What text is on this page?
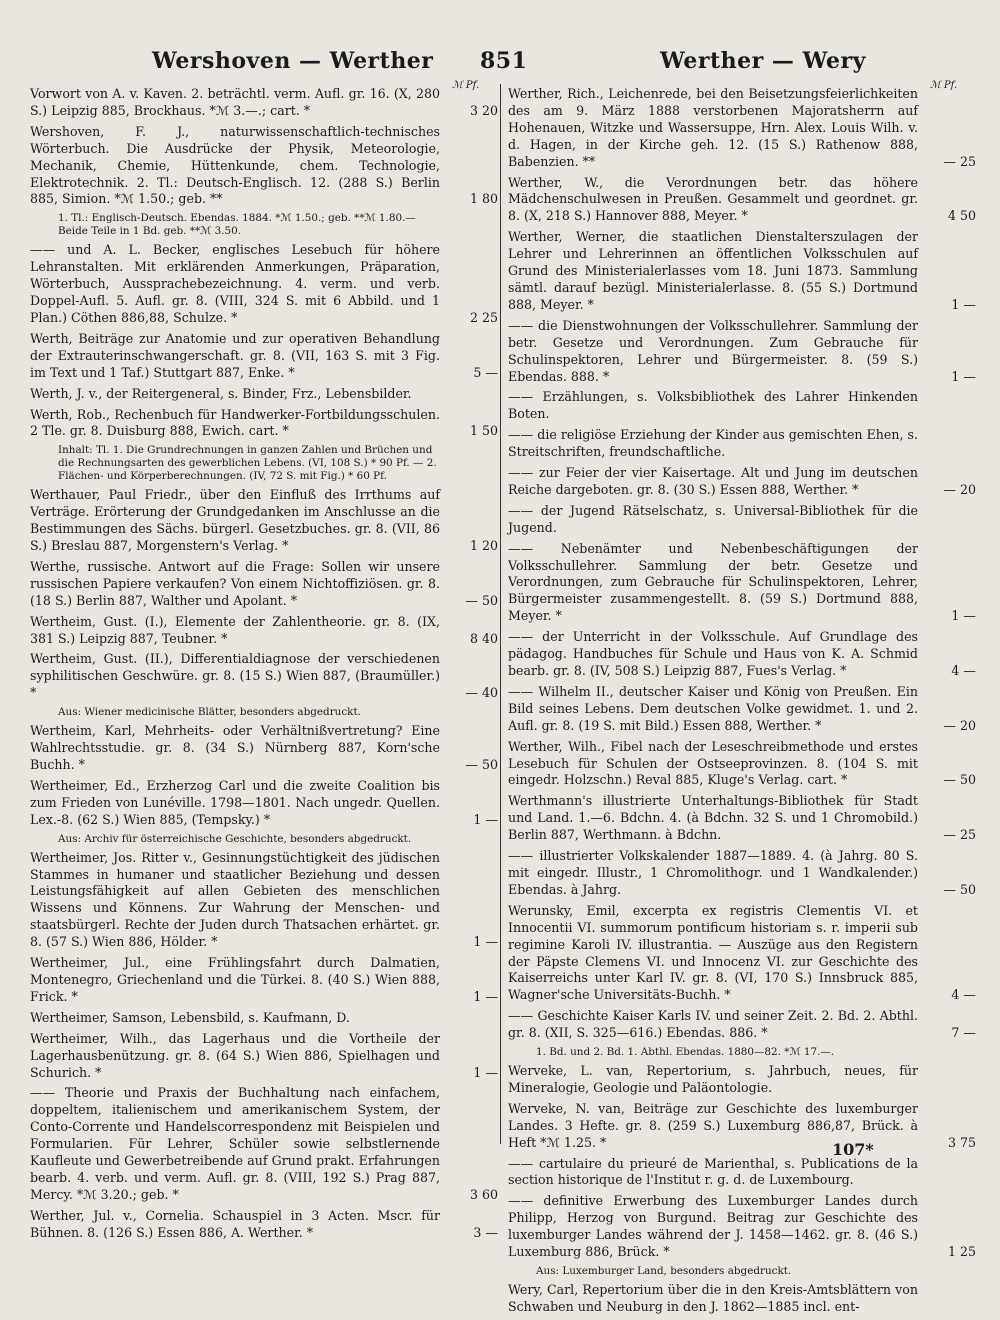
Wershoven — Werther 851	Werther — Wery
ℳ Pf.	ℳ Pf.
Vorwort von A. v. Kaven. 2. beträchtl. verm. Aufl. gr. 16. (X, 280 S.) Leipzig 885, Brockhaus. *ℳ 3.—.; cart. *	3 20
Wershoven, F. J., naturwissenschaftlich-technisches Wörterbuch. Die Ausdrücke der Physik, Meteorologie, Mechanik, Chemie, Hüttenkunde, chem. Technologie, Elektrotechnik. 2. Tl.: Deutsch-Englisch. 12. (288 S.) Berlin 885, Simion. *ℳ 1.50.; geb. **	1 80
1. Tl.: Englisch-Deutsch. Ebendas. 1884. *ℳ 1.50.; geb. **ℳ 1.80.— Beide Teile in 1 Bd. geb. **ℳ 3.50.
—— und A. L. Becker, englisches Lesebuch für höhere Lehranstalten. Mit erklärenden Anmerkungen, Präparation, Wörterbuch, Aussprachebezeichnung. 4. verm. und verb. Doppel-Aufl. 5. Aufl. gr. 8. (VIII, 324 S. mit 6 Abbild. und 1 Plan.) Cöthen 886,88, Schulze. *	2 25
Werth, Beiträge zur Anatomie und zur operativen Behandlung der Extrauterinschwangerschaft. gr. 8. (VII, 163 S. mit 3 Fig. im Text und 1 Taf.) Stuttgart 887, Enke. *	5 —
Werth, J. v., der Reitergeneral, s. Binder, Frz., Lebensbilder.
Werth, Rob., Rechenbuch für Handwerker-Fortbildungsschulen. 2 Tle. gr. 8. Duisburg 888, Ewich. cart. *	1 50
Inhalt: Tl. 1. Die Grundrechnungen in ganzen Zahlen und Brüchen und die Rechnungsarten des gewerblichen Lebens. (VI, 108 S.) * 90 Pf. — 2. Flächen- und Körperberechnungen. (IV, 72 S. mit Fig.) * 60 Pf.
Werthauer, Paul Friedr., über den Einfluß des Irrthums auf Verträge. Erörterung der Grundgedanken im Anschlusse an die Bestimmungen des Sächs. bürgerl. Gesetzbuches. gr. 8. (VII, 86 S.) Breslau 887, Morgenstern's Verlag. *	1 20
Werthe, russische. Antwort auf die Frage: Sollen wir unsere russischen Papiere verkaufen? Von einem Nichtoffiziösen. gr. 8. (18 S.) Berlin 887, Walther und Apolant. *	— 50
Wertheim, Gust. (I.), Elemente der Zahlentheorie. gr. 8. (IX, 381 S.) Leipzig 887, Teubner. *	8 40
Wertheim, Gust. (II.), Differentialdiagnose der verschiedenen syphilitischen Geschwüre. gr. 8. (15 S.) Wien 887, (Braumüller.) *	— 40
Aus: Wiener medicinische Blätter, besonders abgedruckt.
Wertheim, Karl, Mehrheits- oder Verhältnißvertretung? Eine Wahlrechtsstudie. gr. 8. (34 S.) Nürnberg 887, Korn'sche Buchh. *	— 50
Wertheimer, Ed., Erzherzog Carl und die zweite Coalition bis zum Frieden von Lunéville. 1798—1801. Nach ungedr. Quellen. Lex.-8. (62 S.) Wien 885, (Tempsky.) *	1 —
Aus: Archiv für österreichische Geschichte, besonders abgedruckt.
Wertheimer, Jos. Ritter v., Gesinnungstüchtigkeit des jüdischen Stammes in humaner und staatlicher Beziehung und dessen Leistungsfähigkeit auf allen Gebieten des menschlichen Wissens und Könnens. Zur Wahrung der Menschen- und staatsbürgerl. Rechte der Juden durch Thatsachen erhärtet. gr. 8. (57 S.) Wien 886, Hölder. *	1 —
Wertheimer, Jul., eine Frühlingsfahrt durch Dalmatien, Montenegro, Griechenland und die Türkei. 8. (40 S.) Wien 888, Frick. *	1 —
Wertheimer, Samson, Lebensbild, s. Kaufmann, D.
Wertheimer, Wilh., das Lagerhaus und die Vortheile der Lagerhausbenützung. gr. 8. (64 S.) Wien 886, Spielhagen und Schurich. *	1 —
—— Theorie und Praxis der Buchhaltung nach einfachem, doppeltem, italienischem und amerikanischem System, der Conto-Corrente und Handelscorrespondenz mit Beispielen und Formularien. Für Lehrer, Schüler sowie selbstlernende Kaufleute und Gewerbetreibende auf Grund prakt. Erfahrungen bearb. 4. verb. und verm. Aufl. gr. 8. (VIII, 192 S.) Prag 887, Mercy. *ℳ 3.20.; geb. *	3 60
Werther, Jul. v., Cornelia. Schauspiel in 3 Acten. Mscr. für Bühnen. 8. (126 S.) Essen 886, A. Werther. *	3 —
Werther, Rich., Leichenrede, bei den Beisetzungsfeierlichkeiten des am 9. März 1888 verstorbenen Majoratsherrn auf Hohenauen, Witzke und Wassersuppe, Hrn. Alex. Louis Wilh. v. d. Hagen, in der Kirche geh. 12. (15 S.) Rathenow 888, Babenzien. **	— 25
Werther, W., die Verordnungen betr. das höhere Mädchenschulwesen in Preußen. Gesammelt und geordnet. gr. 8. (X, 218 S.) Hannover 888, Meyer. *	4 50
Werther, Werner, die staatlichen Dienstalterszulagen der Lehrer und Lehrerinnen an öffentlichen Volksschulen auf Grund des Ministerialerlasses vom 18. Juni 1873. Sammlung sämtl. darauf bezügl. Ministerialerlasse. 8. (55 S.) Dortmund 888, Meyer. *	1 —
—— die Dienstwohnungen der Volksschullehrer. Sammlung der betr. Gesetze und Verordnungen. Zum Gebrauche für Schulinspektoren, Lehrer und Bürgermeister. 8. (59 S.) Ebendas. 888. *	1 —
—— Erzählungen, s. Volksbibliothek des Lahrer Hinkenden Boten.
—— die religiöse Erziehung der Kinder aus gemischten Ehen, s. Streitschriften, freundschaftliche.
—— zur Feier der vier Kaisertage. Alt und Jung im deutschen Reiche dargeboten. gr. 8. (30 S.) Essen 888, Werther. *	— 20
—— der Jugend Rätselschatz, s. Universal-Bibliothek für die Jugend.
—— Nebenämter und Nebenbeschäftigungen der Volksschullehrer. Sammlung der betr. Gesetze und Verordnungen, zum Gebrauche für Schulinspektoren, Lehrer, Bürgermeister zusammengestellt. 8. (59 S.) Dortmund 888, Meyer. *	1 —
—— der Unterricht in der Volksschule. Auf Grundlage des pädagog. Handbuches für Schule und Haus von K. A. Schmid bearb. gr. 8. (IV, 508 S.) Leipzig 887, Fues's Verlag. *	4 —
—— Wilhelm II., deutscher Kaiser und König von Preußen. Ein Bild seines Lebens. Dem deutschen Volke gewidmet. 1. und 2. Aufl. gr. 8. (19 S. mit Bild.) Essen 888, Werther. *	— 20
Werther, Wilh., Fibel nach der Leseschreibmethode und erstes Lesebuch für Schulen der Ostseeprovinzen. 8. (104 S. mit eingedr. Holzschn.) Reval 885, Kluge's Verlag. cart. *	— 50
Werthmann's illustrierte Unterhaltungs-Bibliothek für Stadt und Land. 1.—6. Bdchn. 4. (à Bdchn. 32 S. und 1 Chromobild.) Berlin 887, Werthmann. à Bdchn.	— 25
—— illustrierter Volkskalender 1887—1889. 4. (à Jahrg. 80 S. mit eingedr. Illustr., 1 Chromolithogr. und 1 Wandkalender.) Ebendas. à Jahrg.	— 50
Werunsky, Emil, excerpta ex registris Clementis VI. et Innocentii VI. summorum pontificum historiam s. r. imperii sub regimine Karoli IV. illustrantia. — Auszüge aus den Registern der Päpste Clemens VI. und Innocenz VI. zur Geschichte des Kaiserreichs unter Karl IV. gr. 8. (VI, 170 S.) Innsbruck 885, Wagner'sche Universitäts-Buchh. *	4 —
—— Geschichte Kaiser Karls IV. und seiner Zeit. 2. Bd. 2. Abthl. gr. 8. (XII, S. 325—616.) Ebendas. 886. *	7 —
1. Bd. und 2. Bd. 1. Abthl. Ebendas. 1880—82. *ℳ 17.—.
Werveke, L. van, Repertorium, s. Jahrbuch, neues, für Mineralogie, Geologie und Paläontologie.
Werveke, N. van, Beiträge zur Geschichte des luxemburger Landes. 3 Hefte. gr. 8. (259 S.) Luxemburg 886,87, Brück. à Heft *ℳ 1.25. *	3 75
—— cartulaire du prieuré de Marienthal, s. Publications de la section historique de l'Institut r. g. d. de Luxembourg.
—— definitive Erwerbung des Luxemburger Landes durch Philipp, Herzog von Burgund. Beitrag zur Geschichte des luxemburger Landes während der J. 1458—1462. gr. 8. (46 S.) Luxemburg 886, Brück. *	1 25
Aus: Luxemburger Land, besonders abgedruckt.
Wery, Carl, Repertorium über die in den Kreis-Amtsblättern von Schwaben und Neuburg in den J. 1862—1885 incl. ent-
107*
